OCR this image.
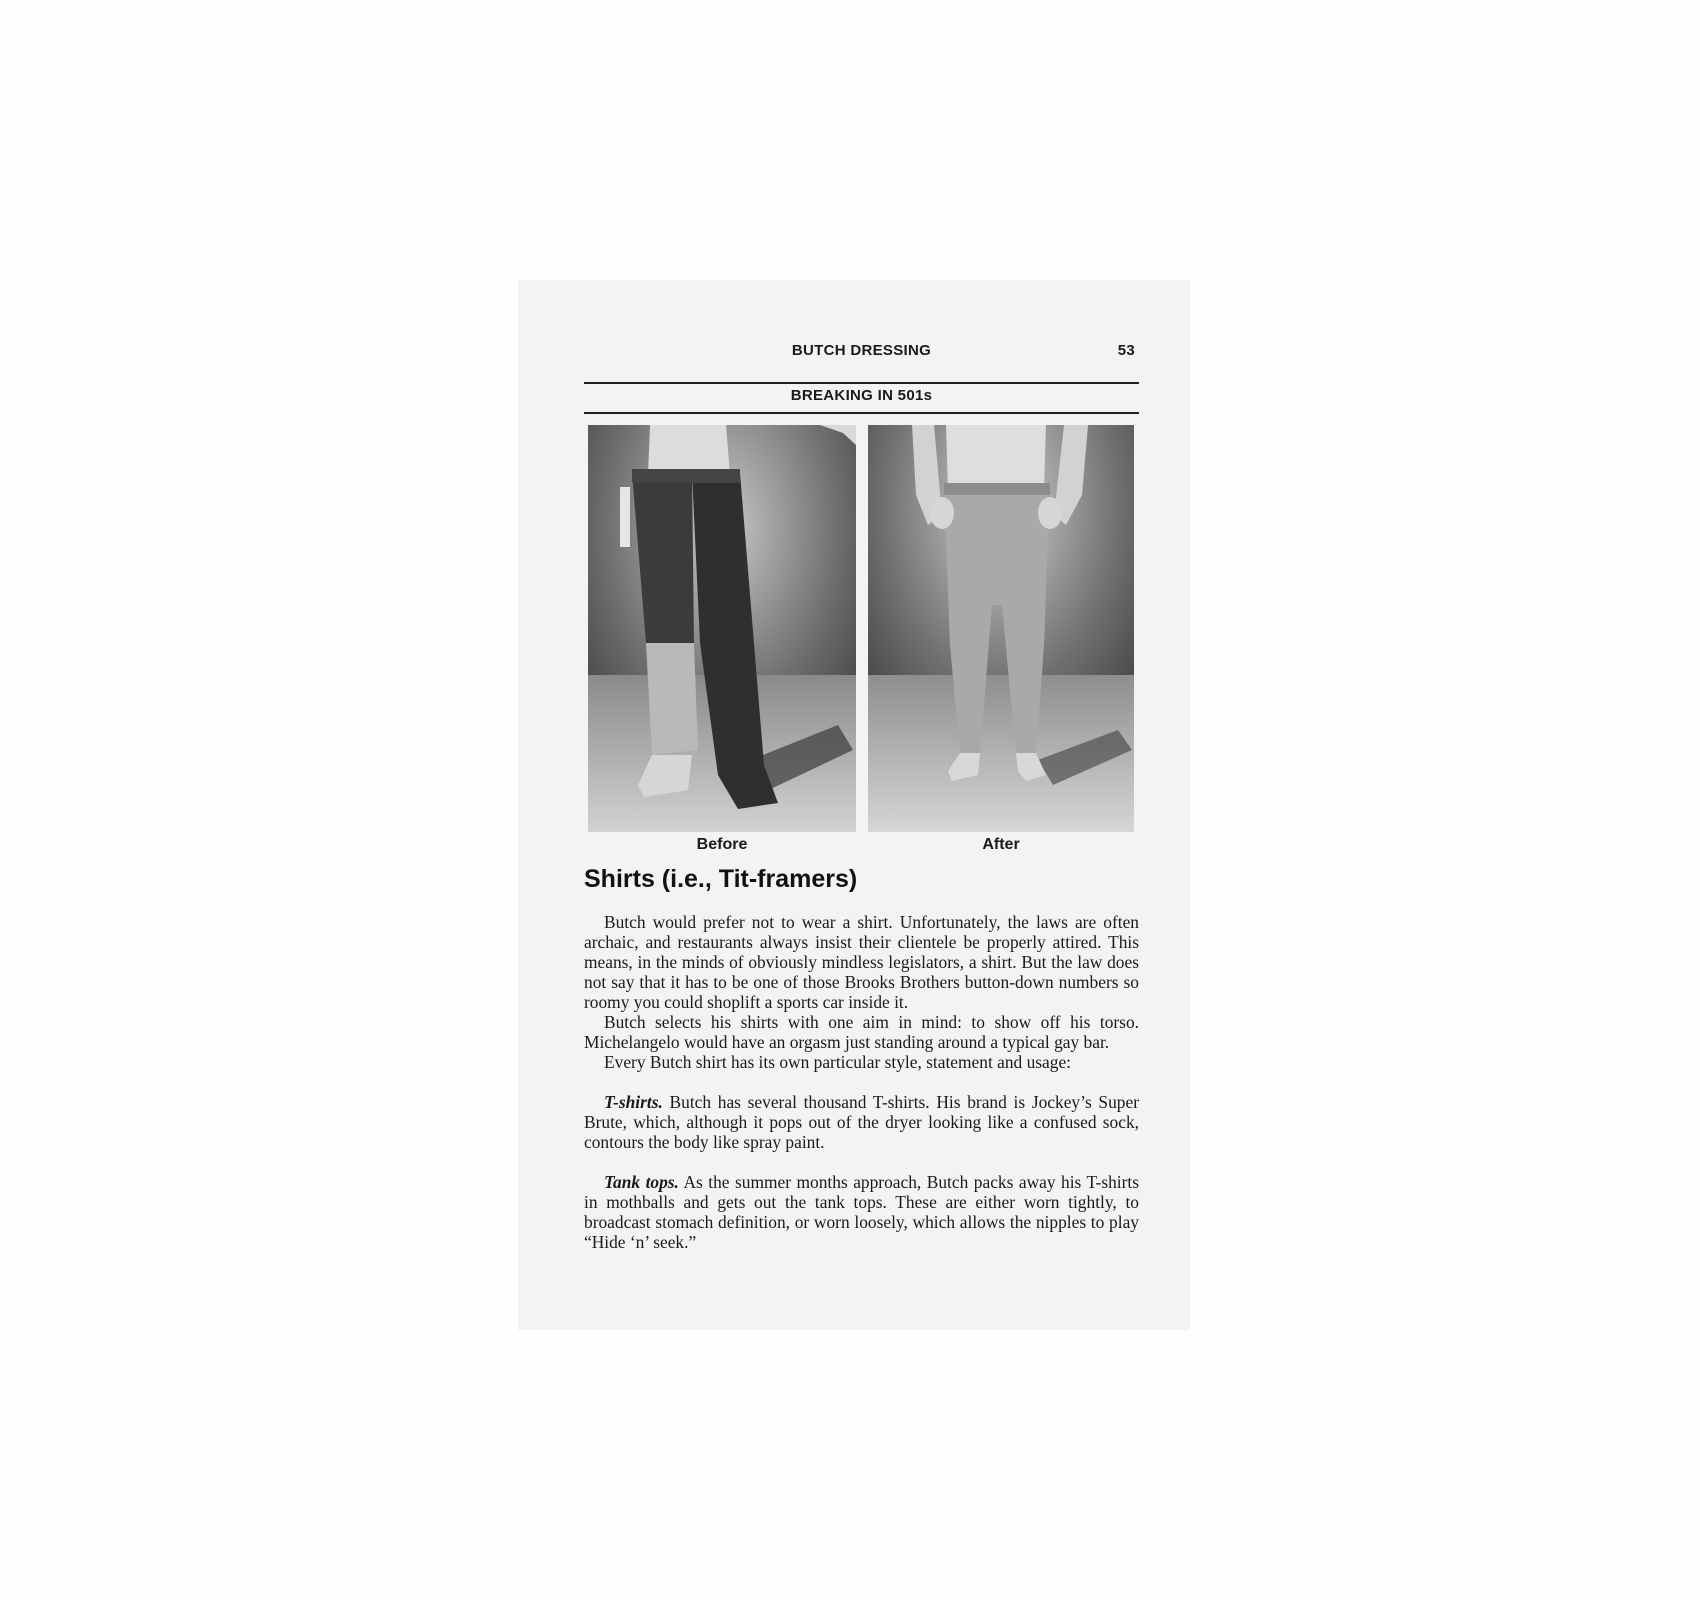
BUTCH DRESSING	53
BREAKING IN 501s
Before	After
Shirts (i.e., Tit-framers)

Butch would prefer not to wear a shirt. Unfortunately, the laws are often archaic, and restaurants always insist their clientele be properly attired. This means, in the minds of obviously mindless legislators, a shirt. But the law does not say that it has to be one of those Brooks Brothers button-down numbers so roomy you could shoplift a sports car inside it.

Butch selects his shirts with one aim in mind: to show off his torso. Michelangelo would have an orgasm just standing around a typical gay bar.

Every Butch shirt has its own particular style, statement and usage:

T-shirts. Butch has several thousand T-shirts. His brand is Jockey’s Super Brute, which, although it pops out of the dryer looking like a confused sock, contours the body like spray paint.

Tank tops. As the summer months approach, Butch packs away his T-shirts in mothballs and gets out the tank tops. These are either worn tightly, to broadcast stomach definition, or worn loosely, which allows the nipples to play “Hide ‘n’ seek.”
